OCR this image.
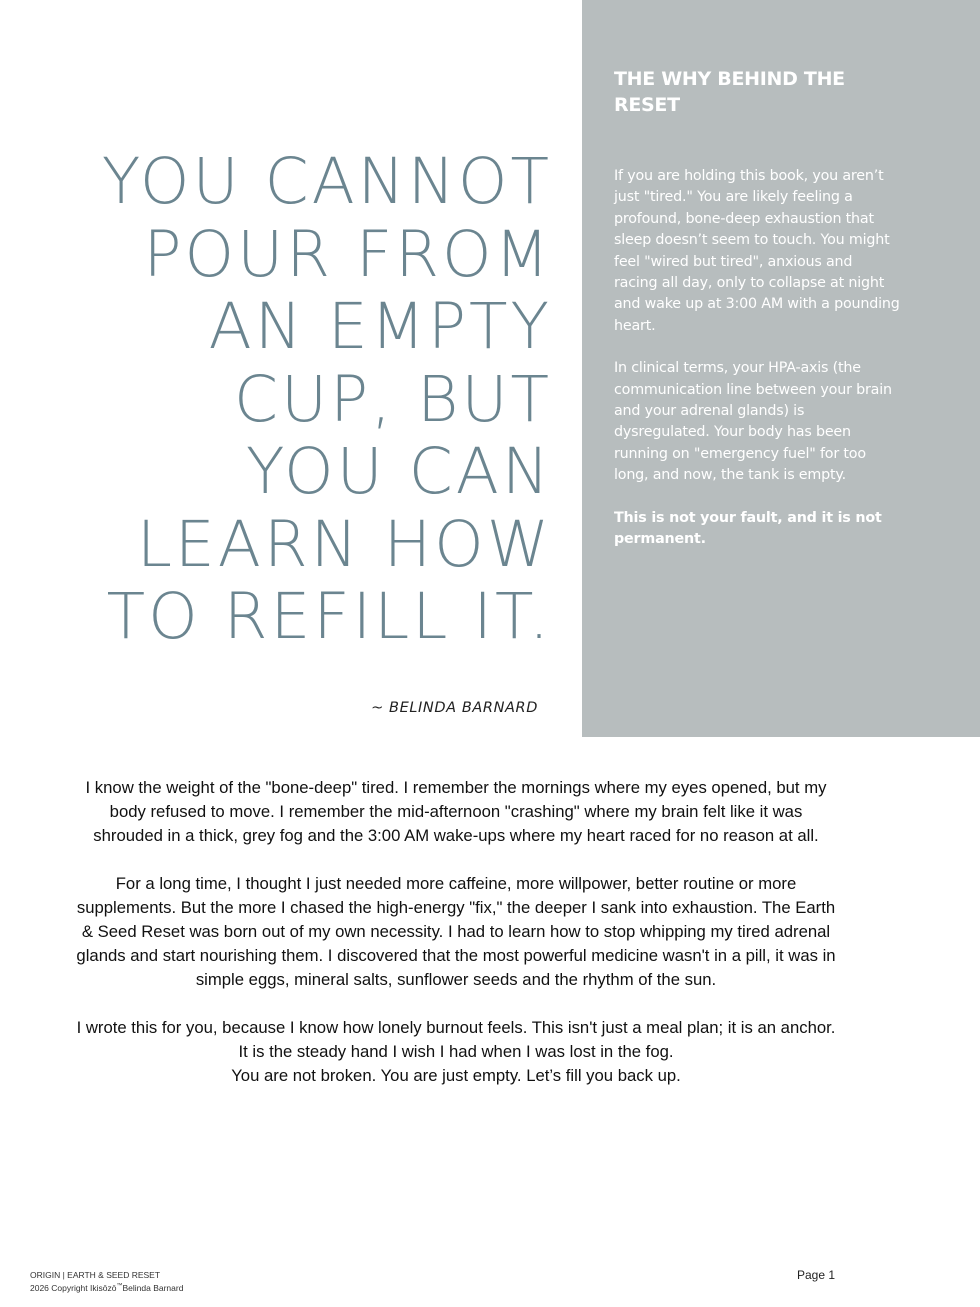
THE WHY BEHIND THE RESET

If you are holding this book, you aren’t just "tired." You are likely feeling a profound, bone-deep exhaustion that sleep doesn’t seem to touch. You might feel "wired but tired", anxious and racing all day, only to collapse at night and wake up at 3:00 AM with a pounding heart.

In clinical terms, your HPA-axis (the communication line between your brain and your adrenal glands) is dysregulated. Your body has been running on "emergency fuel" for too long, and now, the tank is empty.

This is not your fault, and it is not permanent.

YOU CANNOT
POUR FROM
AN EMPTY
CUP, BUT
YOU CAN
LEARN HOW
TO REFILL IT.
~ BELINDA BARNARD

I know the weight of the "bone-deep" tired. I remember the mornings where my eyes opened, but my body refused to move. I remember the mid-afternoon "crashing" where my brain felt like it was shrouded in a thick, grey fog and the 3:00 AM wake-ups where my heart raced for no reason at all.

For a long time, I thought I just needed more caffeine, more willpower, better routine or more supplements. But the more I chased the high-energy "fix," the deeper I sank into exhaustion. The Earth & Seed Reset was born out of my own necessity. I had to learn how to stop whipping my tired adrenal glands and start nourishing them. I discovered that the most powerful medicine wasn't in a pill, it was in simple eggs, mineral salts, sunflower seeds and the rhythm of the sun.

I wrote this for you, because I know how lonely burnout feels. This isn't just a meal plan; it is an anchor. It is the steady hand I wish I had when I was lost in the fog.
You are not broken. You are just empty. Let’s fill you back up.

ORIGIN | EARTH & SEED RESET
2026 Copyright Ikisōzō™Belinda Barnard
Page 1
